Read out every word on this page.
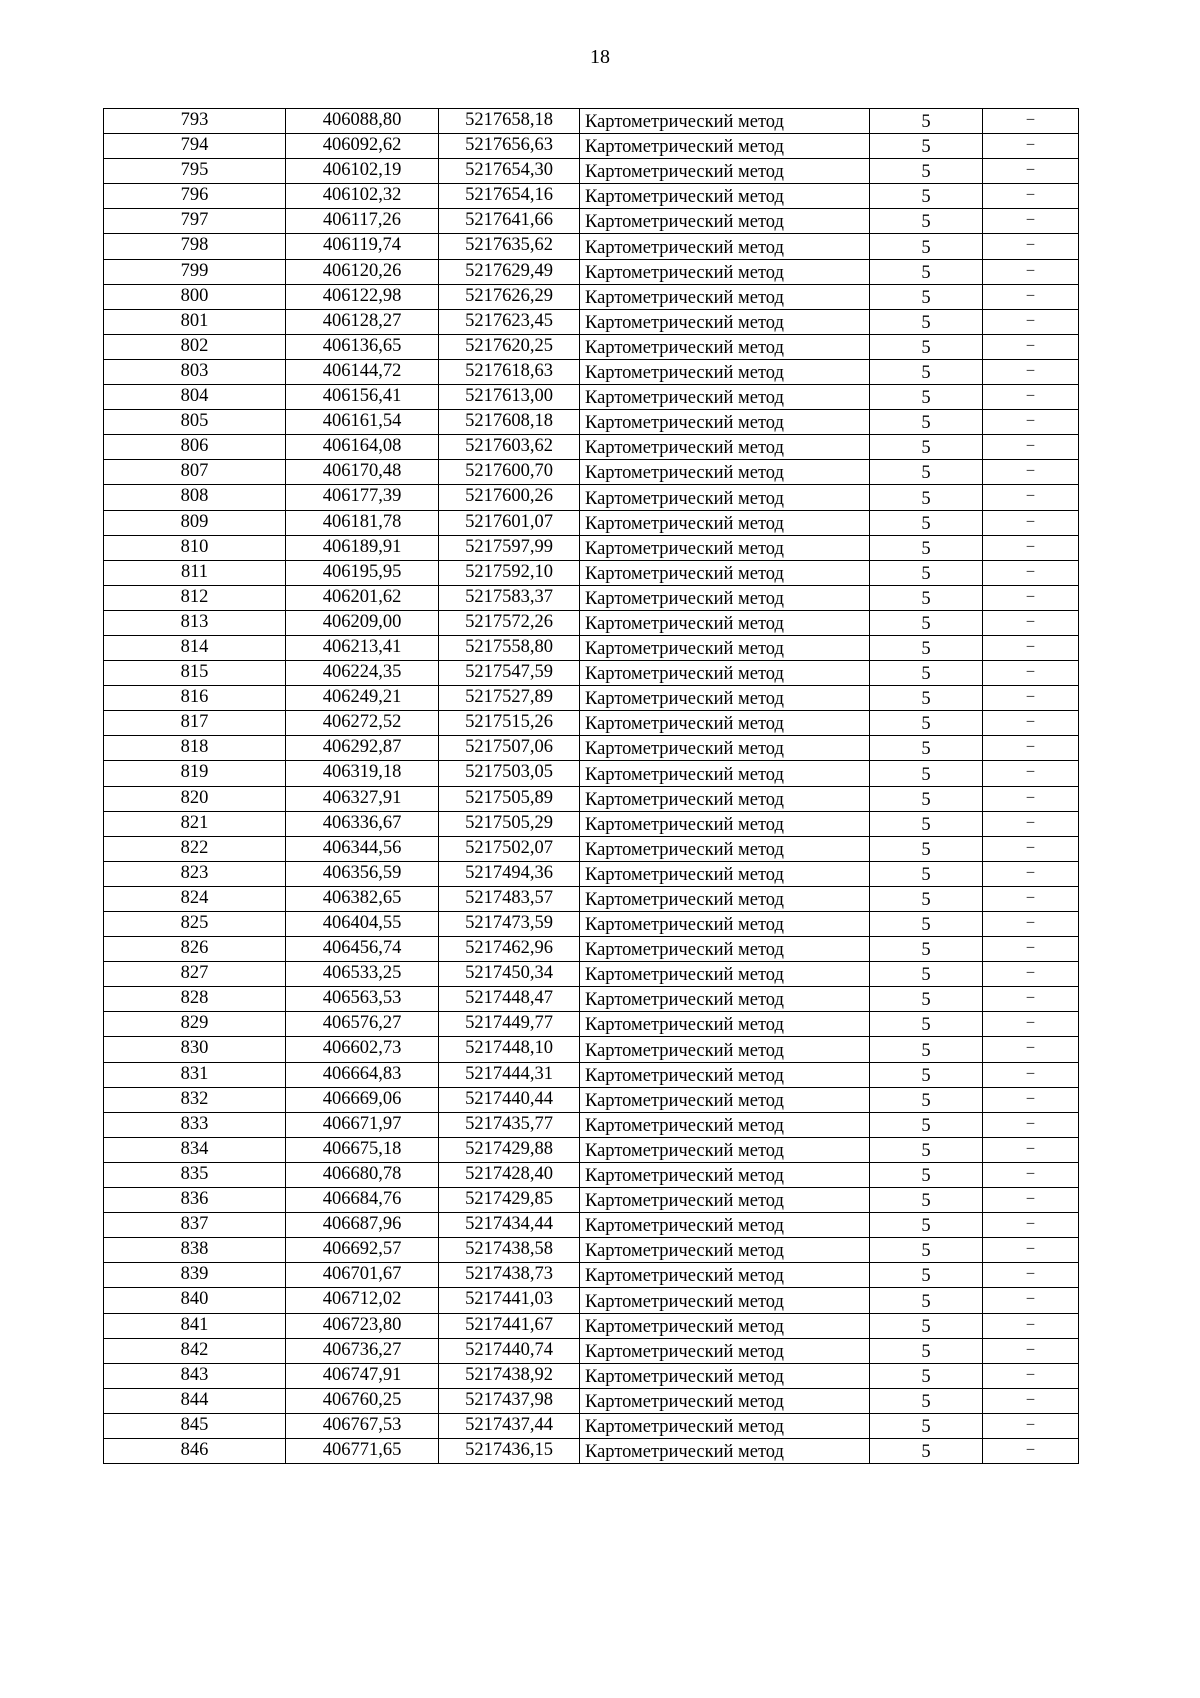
18
793	406088,80	5217658,18	Картометрический метод	5	–
794	406092,62	5217656,63	Картометрический метод	5	–
795	406102,19	5217654,30	Картометрический метод	5	–
796	406102,32	5217654,16	Картометрический метод	5	–
797	406117,26	5217641,66	Картометрический метод	5	–
798	406119,74	5217635,62	Картометрический метод	5	–
799	406120,26	5217629,49	Картометрический метод	5	–
800	406122,98	5217626,29	Картометрический метод	5	–
801	406128,27	5217623,45	Картометрический метод	5	–
802	406136,65	5217620,25	Картометрический метод	5	–
803	406144,72	5217618,63	Картометрический метод	5	–
804	406156,41	5217613,00	Картометрический метод	5	–
805	406161,54	5217608,18	Картометрический метод	5	–
806	406164,08	5217603,62	Картометрический метод	5	–
807	406170,48	5217600,70	Картометрический метод	5	–
808	406177,39	5217600,26	Картометрический метод	5	–
809	406181,78	5217601,07	Картометрический метод	5	–
810	406189,91	5217597,99	Картометрический метод	5	–
811	406195,95	5217592,10	Картометрический метод	5	–
812	406201,62	5217583,37	Картометрический метод	5	–
813	406209,00	5217572,26	Картометрический метод	5	–
814	406213,41	5217558,80	Картометрический метод	5	–
815	406224,35	5217547,59	Картометрический метод	5	–
816	406249,21	5217527,89	Картометрический метод	5	–
817	406272,52	5217515,26	Картометрический метод	5	–
818	406292,87	5217507,06	Картометрический метод	5	–
819	406319,18	5217503,05	Картометрический метод	5	–
820	406327,91	5217505,89	Картометрический метод	5	–
821	406336,67	5217505,29	Картометрический метод	5	–
822	406344,56	5217502,07	Картометрический метод	5	–
823	406356,59	5217494,36	Картометрический метод	5	–
824	406382,65	5217483,57	Картометрический метод	5	–
825	406404,55	5217473,59	Картометрический метод	5	–
826	406456,74	5217462,96	Картометрический метод	5	–
827	406533,25	5217450,34	Картометрический метод	5	–
828	406563,53	5217448,47	Картометрический метод	5	–
829	406576,27	5217449,77	Картометрический метод	5	–
830	406602,73	5217448,10	Картометрический метод	5	–
831	406664,83	5217444,31	Картометрический метод	5	–
832	406669,06	5217440,44	Картометрический метод	5	–
833	406671,97	5217435,77	Картометрический метод	5	–
834	406675,18	5217429,88	Картометрический метод	5	–
835	406680,78	5217428,40	Картометрический метод	5	–
836	406684,76	5217429,85	Картометрический метод	5	–
837	406687,96	5217434,44	Картометрический метод	5	–
838	406692,57	5217438,58	Картометрический метод	5	–
839	406701,67	5217438,73	Картометрический метод	5	–
840	406712,02	5217441,03	Картометрический метод	5	–
841	406723,80	5217441,67	Картометрический метод	5	–
842	406736,27	5217440,74	Картометрический метод	5	–
843	406747,91	5217438,92	Картометрический метод	5	–
844	406760,25	5217437,98	Картометрический метод	5	–
845	406767,53	5217437,44	Картометрический метод	5	–
846	406771,65	5217436,15	Картометрический метод	5	–
